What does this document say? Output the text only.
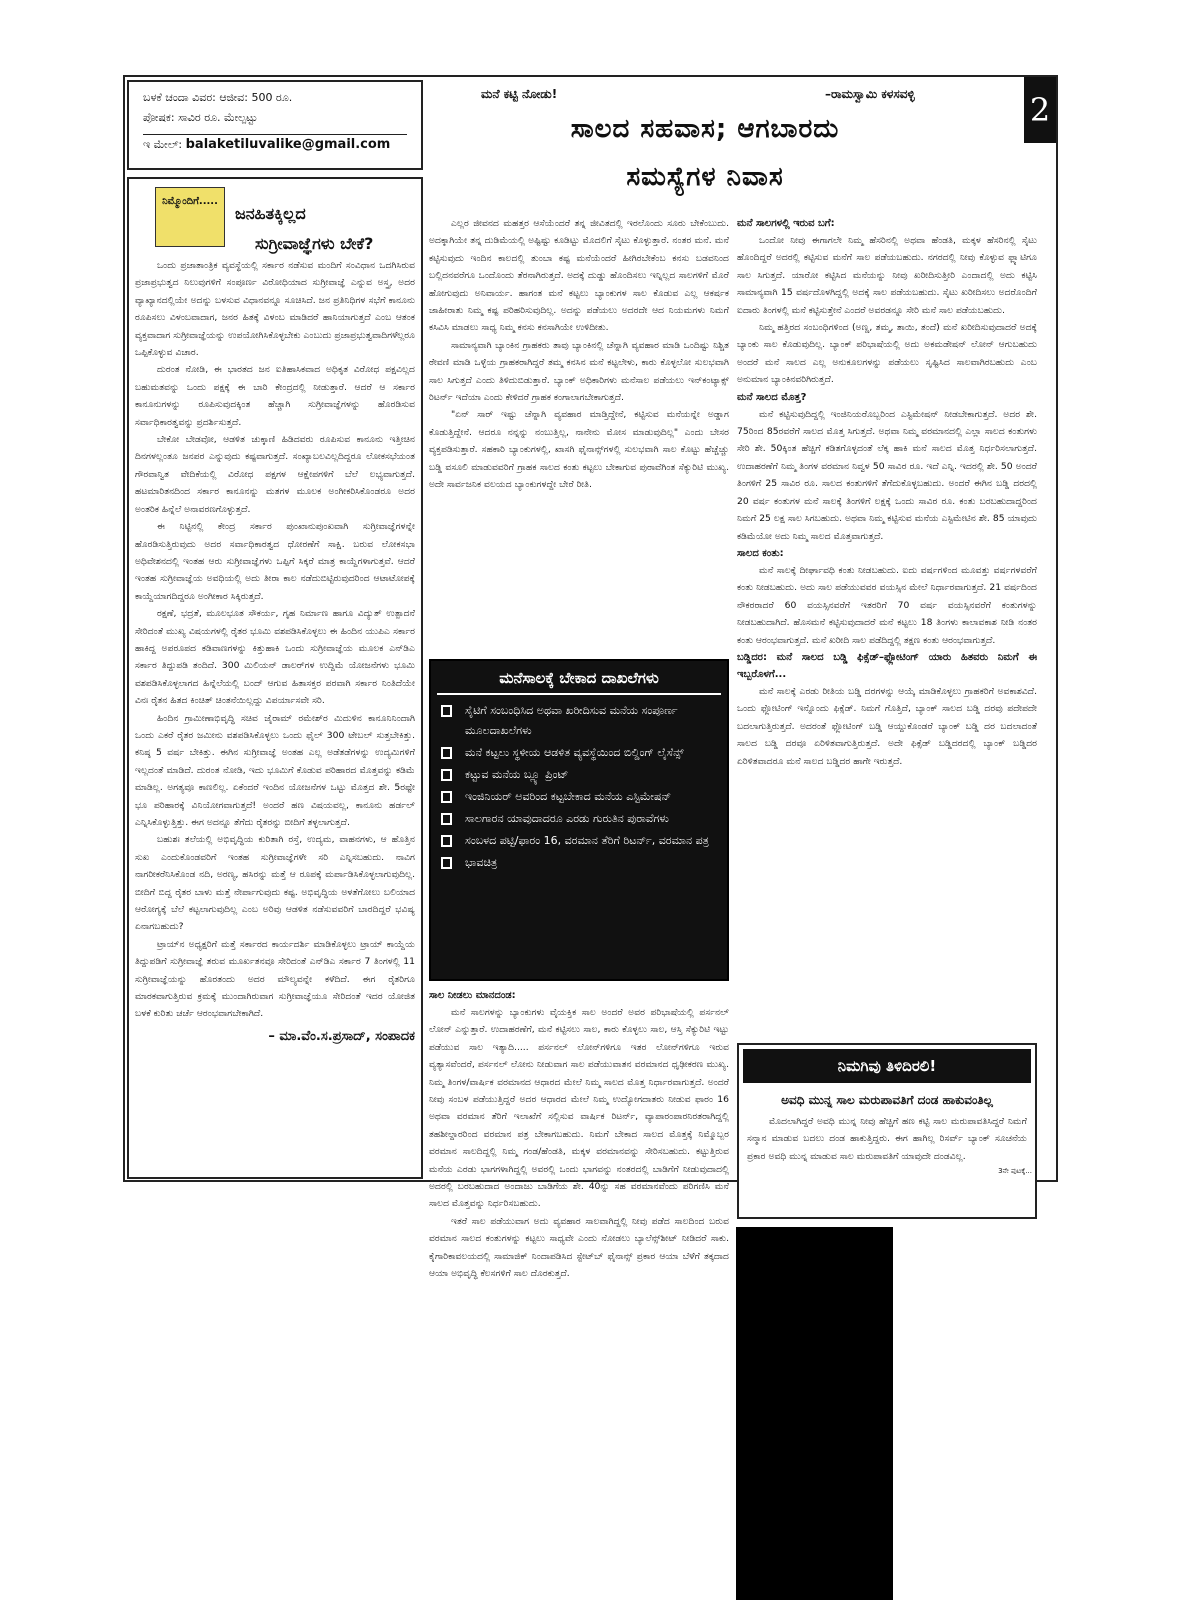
ಬಳಕೆ ಚಂದಾ ವಿವರ: ಆಜೀವ: 500 ರೂ.
ಪೋಷಕ: ಸಾವಿರ ರೂ. ಮೇಲ್ಪಟ್ಟು
ಇ ಮೇಲ್: balaketiluvalike@gmail.com
ನಿಮ್ಮೊಂದಿಗೆ.....
ಜನಹಿತಕ್ಕಿಲ್ಲದ
ಸುಗ್ರೀವಾಜ್ಞೆಗಳು ಬೇಕೆ?

ಒಂದು ಪ್ರಜಾತಾಂತ್ರಿಕ ವ್ಯವಸ್ಥೆಯಲ್ಲಿ ಸರ್ಕಾರ ನಡೆಸುವ ಮಂದಿಗೆ ಸಂವಿಧಾನ ಒದಗಿಸಿರುವ ಪ್ರಜಾಪ್ರಭುತ್ವದ ನಿಲುವುಗಳಿಗೆ ಸಂಪೂರ್ಣ ವಿರೋಧಿಯಾದ ಸುಗ್ರೀವಾಜ್ಞೆ ಎನ್ನುವ ಅಸ್ತ್ರ, ಅದರ ವ್ಯಾಖ್ಯಾನದಲ್ಲಿಯೇ ಅದನ್ನು ಬಳಸುವ ವಿಧಾನವನ್ನೂ ಸೂಚಿಸಿದೆ. ಜನ ಪ್ರತಿನಿಧಿಗಳ ಸಭೆಗೆ ಕಾನೂನು ರೂಪಿಸಲು ವಿಳಂಬವಾದಾಗ, ಜನರ ಹಿತಕ್ಕೆ ವಿಳಂಬ ಮಾಡಿದರೆ ಹಾನಿಯಾಗುತ್ತದೆ ಎಂಬ ಆತಂಕ ವ್ಯಕ್ತವಾದಾಗ ಸುಗ್ರೀವಾಜ್ಞೆಯನ್ನು ಉಪಯೋಗಿಸಿಕೊಳ್ಳಬೇಕು ಎಂಬುದು ಪ್ರಜಾಪ್ರಭುತ್ವವಾದಿಗಳೆಲ್ಲರೂ ಒಪ್ಪಿಕೊಳ್ಳುವ ವಿಚಾರ.

ದುರಂತ ನೋಡಿ, ಈ ಭಾರತದ ಜನ ಐತಿಹಾಸಿಕವಾದ ಅಧಿಕೃತ ವಿರೋಧ ಪಕ್ಷವಿಲ್ಲದ ಬಹುಮತವನ್ನು ಒಂದು ಪಕ್ಷಕ್ಕೆ ಈ ಬಾರಿ ಕೇಂದ್ರದಲ್ಲಿ ನೀಡುತ್ತಾರೆ. ಆದರೆ ಆ ಸರ್ಕಾರ ಕಾನೂನುಗಳನ್ನು ರೂಪಿಸುವುದಕ್ಕಿಂತ ಹೆಚ್ಚಾಗಿ ಸುಗ್ರೀವಾಜ್ಞೆಗಳನ್ನು ಹೊರಡಿಸುವ ಸರ್ವಾಧಿಕಾರತ್ವವನ್ನು ಪ್ರದರ್ಶಿಸುತ್ತದೆ.

ಬೇಕೋ ಬೇಡವೋ, ಆಡಳಿತ ಚುಕ್ಕಾಣಿ ಹಿಡಿದವರು ರೂಪಿಸುವ ಕಾನೂನು ಇತ್ತೀಚಿನ ದಿನಗಳಲ್ಲಂತೂ ಜನಪರ ಎನ್ನುವುದು ಕಷ್ಟವಾಗುತ್ತದೆ. ಸಂಖ್ಯಾಬಲವಿಲ್ಲದಿದ್ದರೂ ಲೋಕಸಭೆಯಂತ ಗೌರವಾನ್ವಿತ ವೇದಿಕೆಯಲ್ಲಿ ವಿರೋಧ ಪಕ್ಷಗಳ ಆಕ್ಷೇಪಗಳಿಗೆ ಬೆಲೆ ಲಭ್ಯವಾಗುತ್ತದೆ. ಹಟಮಾರಿತನದಿಂದ ಸರ್ಕಾರ ಕಾನೂನನ್ನು ಮತಗಳ ಮೂಲಕ ಅಂಗೀಕರಿಸಿಕೊಂಡರೂ ಅದರ ಅಂತರಿಕ ಹಿನ್ನೆಲೆ ಅನಾವರಣಗೊಳ್ಳುತ್ತದೆ.

ಈ ನಿಟ್ಟಿನಲ್ಲಿ ಕೇಂದ್ರ ಸರ್ಕಾರ ಪುಂಖಾನುಪುಂಖವಾಗಿ ಸುಗ್ರೀವಾಜ್ಞೆಗಳನ್ನೇ ಹೊರಡಿಸುತ್ತಿರುವುದು ಅದರ ಸರ್ವಾಧಿಕಾರತ್ವದ ಧೋರಣೆಗೆ ಸಾಕ್ಷಿ. ಬರುವ ಲೋಕಸಭಾ ಅಧಿವೇಶನದಲ್ಲಿ ಇಂತಹ ಆರು ಸುಗ್ರೀವಾಜ್ಞೆಗಳು ಒಪ್ಪಿಗೆ ಸಿಕ್ಕರೆ ಮಾತ್ರ ಕಾಯ್ದೆಗಳಾಗುತ್ತವೆ. ಆದರೆ ಇಂತಹ ಸುಗ್ರೀವಾಜ್ಞೆಯ ಅವಧಿಯಲ್ಲಿ ಅದು ತೀರಾ ಕಾಲ ನಡೆದುಬಿಟ್ಟಿರುವುದರಿಂದ ಆಟಾಟೋಪಕ್ಕೆ ಕಾಯ್ದೆಯಾಗದಿದ್ದರೂ ಅಂಗೀಕಾರ ಸಿಕ್ಕಿರುತ್ತದೆ.

ರಕ್ಷಣೆ, ಭದ್ರತೆ, ಮೂಲಭೂತ ಸೌಕರ್ಯ, ಗೃಹ ನಿರ್ಮಾಣ ಹಾಗೂ ವಿದ್ಯುತ್ ಉತ್ಪಾದನೆ ಸೇರಿದಂತೆ ಮುಖ್ಯ ವಿಷಯಗಳಲ್ಲಿ ರೈತರ ಭೂಮಿ ವಶಪಡಿಸಿಕೊಳ್ಳಲು ಈ ಹಿಂದಿನ ಯುಪಿಎ ಸರ್ಕಾರ ಹಾಕಿದ್ದ ಅಪರೂಪದ ಕಡಿವಾಣಗಳನ್ನು ಕಿತ್ತುಹಾಕಿ ಒಂದು ಸುಗ್ರೀವಾಜ್ಞೆಯ ಮೂಲಕ ಎನ್‌ಡಿಎ ಸರ್ಕಾರ ತಿದ್ದುಪಡಿ ತಂದಿದೆ. 300 ಮಿಲಿಯನ್ ಡಾಲರ್‌ಗಳ ಉದ್ದಿಮೆ ಯೋಜನೆಗಳು ಭೂಮಿ ವಶಪಡಿಸಿಕೊಳ್ಳಲಾಗದ ಹಿನ್ನೆಲೆಯಲ್ಲಿ ಬಂದ್ ಆಗುವ ಹಿತಾಸಕ್ತರ ಪರವಾಗಿ ಸರ್ಕಾರ ನಿಂತಿದೆಯೇ ವಿನಃ ರೈತನ ಹಿತದ ಕಿಂಚಿತ್ ಚಿಂತನೆಯಿಲ್ಲದ್ದು ವಿಪರ್ಯಾಸವೇ ಸರಿ.

ಹಿಂದಿನ ಗ್ರಾಮೀಣಾಭಿವೃದ್ಧಿ ಸಚಿವ ಜೈರಾಮ್ ರಮೇಶ್‌ರ ಮಿದುಳಿನ ಕಾನೂನಿನಿಂದಾಗಿ ಒಂದು ಎಕರೆ ರೈತರ ಜಮೀನು ವಶಪಡಿಸಿಕೊಳ್ಳಲು ಒಂದು ಫೈಲ್ 300 ಟೇಬಲ್ ಸುತ್ತಬೇಕಿತ್ತು. ಕನಿಷ್ಠ 5 ವರ್ಷ ಬೇಕಿತ್ತು. ಈಗಿನ ಸುಗ್ರೀವಾಜ್ಞೆ ಅಂತಹ ಎಲ್ಲ ಅಡೆತಡೆಗಳನ್ನು ಉದ್ಯಮಿಗಳಿಗೆ ಇಲ್ಲದಂತೆ ಮಾಡಿದೆ. ದುರಂತ ನೋಡಿ, ಇದು ಭೂಮಿಗೆ ಕೊಡುವ ಪರಿಹಾರದ ಮೊತ್ತವನ್ನು ಕಡಿಮೆ ಮಾಡಿಲ್ಲ. ಅಗತ್ಯವೂ ಕಾಣಲಿಲ್ಲ. ಏಕೆಂದರೆ ಇಂದಿನ ಯೋಜನೆಗಳ ಒಟ್ಟು ಮೊತ್ತದ ಶೇ. 5ರಷ್ಟೇ ಭೂ ಪರಿಹಾರಕ್ಕೆ ವಿನಿಯೋಗವಾಗುತ್ತದೆ! ಅಂದರೆ ಹಣ ವಿಷಯವಲ್ಲ, ಕಾನೂನು ಹರ್ಡಲ್ ಎನ್ನಿಸಿಕೊಳ್ಳುತ್ತಿತ್ತು. ಈಗ ಅದನ್ನೂ ತೆಗೆದು ರೈತರನ್ನು ಬೀದಿಗೆ ತಳ್ಳಲಾಗುತ್ತದೆ.

ಬಹುಶಃ ತಲೆಯಲ್ಲಿ ಅಭಿವೃದ್ಧಿಯ ಕುರಿತಾಗಿ ರಸ್ತೆ, ಉದ್ಯಮ, ವಾಹನಗಳು, ಆ ಹೊತ್ತಿನ ಸುಖ ಎಂದುಕೊಂಡವರಿಗೆ ಇಂತಹ ಸುಗ್ರೀವಾಜ್ಞೆಗಳೇ ಸರಿ ಎನ್ನಿಸಬಹುದು. ನಾವಿಗ ನಾಗರೀಕರೆನಿಸಿಕೊಂಡ ನದಿ, ಅರಣ್ಯ, ಹಸಿರನ್ನು ಮತ್ತೆ ಆ ರೂಪಕ್ಕೆ ಮರ್ಪಾಡಿಸಿಕೊಳ್ಳಲಾಗುವುದಿಲ್ಲ. ಬೀದಿಗೆ ಬಿದ್ದ ರೈತರ ಬಾಳು ಮತ್ತೆ ನೇರ್ಪಾಗುವುದು ಕಷ್ಟ. ಅಭಿವೃದ್ಧಿಯ ಅಳತೆಗೋಲು ಬಲಿಯಾದ ಆರೋಗ್ಯಕ್ಕೆ ಬೆಲೆ ಕಟ್ಟಲಾಗುವುದಿಲ್ಲ ಎಂಬ ಅರಿವು ಆಡಳಿತ ನಡೆಸುವವರಿಗೆ ಬಾರದಿದ್ದರೆ ಭವಿಷ್ಯ ಏನಾಗಬಹುದು?

ಟ್ರಾಯ್‌ನ ಅಧ್ಯಕ್ಷರಿಗೆ ಮತ್ತೆ ಸರ್ಕಾರದ ಕಾರ್ಯದರ್ಶಿ ಮಾಡಿಕೊಳ್ಳಲು ಟ್ರಾಯ್ ಕಾಯ್ದೆಯ ತಿದ್ದುಪಡಿಗೆ ಸುಗ್ರೀವಾಜ್ಞೆ ತರುವ ಮೂರ್ಖತನವೂ ಸೇರಿದಂತೆ ಎನ್‌ಡಿಎ ಸರ್ಕಾರ 7 ತಿಂಗಳಲ್ಲಿ 11 ಸುಗ್ರೀವಾಜ್ಞೆಯನ್ನು ಹೊರತಂದು ಅದರ ಮೌಲ್ಯವನ್ನೇ ಕಳೆದಿದೆ. ಈಗ ರೈತರಿಗೂ ಮಾರಕವಾಗುತ್ತಿರುವ ಕ್ರಮಕ್ಕೆ ಮುಂದಾಗಿರುವಾಗ ಸುಗ್ರೀವಾಜ್ಞೆಯೂ ಸೇರಿದಂತೆ ಇದರ ಯೋಜಿತ ಬಳಕೆ ಕುರಿತು ಚರ್ಚೆ ಆರಂಭವಾಗಬೇಕಾಗಿದೆ.

– ಮಾ.ವೆಂ.ಸ.ಪ್ರಸಾದ್, ಸಂಪಾದಕ
2
ಮನೆ ಕಟ್ಟಿ ನೋಡು!	–ರಾಮಸ್ವಾಮಿ ಕಳಸವಳ್ಳಿ
ಸಾಲದ ಸಹವಾಸ; ಆಗಬಾರದು
ಸಮಸ್ಯೆಗಳ ನಿವಾಸ

ಎಲ್ಲರ ಜೀವನದ ಮಹತ್ತರ ಆಸೆಯೆಂದರೆ ತನ್ನ ಜೀವಿತದಲ್ಲಿ ಇರಲೊಂದು ಸೂರು ಬೇಕೆಂಬುದು. ಅದಕ್ಕಾಗಿಯೇ ತನ್ನ ದುಡಿಮೆಯಲ್ಲಿ ಅಷ್ಟಿಷ್ಟು ಕೂಡಿಟ್ಟು ಮೊದಲಿಗೆ ಸೈಟು ಕೊಳ್ಳುತ್ತಾರೆ. ನಂತರ ಮನೆ. ಮನೆ ಕಟ್ಟಿಸುವುದು ಇಂದಿನ ಕಾಲದಲ್ಲಿ ತುಂಬಾ ಕಷ್ಟ ಮನೆಯೆಂದರೆ ಹೀಗಿರಬೇಕೆಂಬ ಕನಸು ಬಡವನಿಂದ ಬಲ್ಲಿದನವರೆಗೂ ಒಂದೊಂದು ತೆರನಾಗಿರುತ್ತದೆ. ಅದಕ್ಕೆ ದುಡ್ಡು ಹೊಂದಿಸಲು ಇನ್ನಿಲ್ಲದ ಸಾಲಗಳಿಗೆ ಮೊರೆ ಹೋಗುವುದು ಅನಿವಾರ್ಯ. ಹಾಗಂತ ಮನೆ ಕಟ್ಟಲು ಬ್ಯಾಂಕುಗಳ ಸಾಲ ಕೊಡುವ ಎಲ್ಲ ಆಕರ್ಷಕ ಜಾಹೀರಾತು ನಿಮ್ಮ ಕಷ್ಟ ಪರಿಹರಿಸುವುದಿಲ್ಲ. ಅದನ್ನು ಪಡೆಯಲು ಅದರದೇ ಆದ ನಿಯಮಗಳು ನಿಮಗೆ ಕಸಿವಿಸಿ ಮಾಡಲು ಸಾಧ್ಯ ನಿಮ್ಮ ಕನಸು ಕನಸಾಗಿಯೇ ಉಳಿದೀತು.

ಸಾಮಾನ್ಯವಾಗಿ ಬ್ಯಾಂಕಿನ ಗ್ರಾಹಕರು ತಾವು ಬ್ಯಾಂಕಿನಲ್ಲಿ ಚೆನ್ನಾಗಿ ವ್ಯವಹಾರ ಮಾಡಿ ಒಂದಿಷ್ಟು ನಿಶ್ಚಿತ ಠೇವಣಿ ಮಾಡಿ ಒಳ್ಳೆಯ ಗ್ರಾಹಕರಾಗಿದ್ದರೆ ತಮ್ಮ ಕನಸಿನ ಮನೆ ಕಟ್ಟಲೇಳು, ಕಾರು ಕೊಳ್ಳಲೋ ಸುಲಭವಾಗಿ ಸಾಲ ಸಿಗುತ್ತದೆ ಎಂದು ತಿಳಿದುಬಿಡುತ್ತಾರೆ. ಬ್ಯಾಂಕ್ ಅಧಿಕಾರಿಗಳು ಮನೆಸಾಲ ಪಡೆಯಲು ಇನ್‌ಕಂಟ್ಯಾಕ್ಸ್ ರಿಟರ್ನ್ ಇದೆಯಾ ಎಂದು ಕೇಳಿದರೆ ಗ್ರಾಹಕ ಕಂಗಾಲಾಗಬೇಕಾಗುತ್ತದೆ.

"ಏನ್ ಸಾರ್ ಇಷ್ಟು ಚೆನ್ನಾಗಿ ವ್ಯವಹಾರ ಮಾಡ್ತಿದ್ದೇನೆ, ಕಟ್ಟಿಸುವ ಮನೆಯನ್ನೇ ಅಡ್ಡಾಗ ಕೊಡುತ್ತಿದ್ದೇನೆ. ಆದರೂ ನನ್ನನ್ನು ನಂಬುತ್ತಿಲ್ಲ, ನಾನೇನು ಮೋಸ ಮಾಡುವುದಿಲ್ಲ" ಎಂದು ಬೇಸರ ವ್ಯಕ್ತಪಡಿಸುತ್ತಾರೆ. ಸಹಕಾರಿ ಬ್ಯಾಂಕುಗಳಲ್ಲಿ, ಖಾಸಗಿ ಫೈನಾನ್ಸ್‌ಗಳಲ್ಲಿ ಸುಲಭವಾಗಿ ಸಾಲ ಕೊಟ್ಟು ಹೆಚ್ಚೆಚ್ಚು ಬಡ್ಡಿ ವಸೂಲಿ ಮಾಡುವವರಿಗೆ ಗ್ರಾಹಕ ಸಾಲದ ಕಂತು ಕಟ್ಟಲು ಬೇಕಾಗುವ ಪುರಾವೆಗಿಂತ ಸೆಕ್ಯುರಿಟಿ ಮುಖ್ಯ. ಅದೇ ಸಾರ್ವಜನಿಕ ವಲಯದ ಬ್ಯಾಂಕುಗಳದ್ದೇ ಬೇರೆ ರೀತಿ.

ಮನೆಸಾಲಕ್ಕೆ ಬೇಕಾದ ದಾಖಲೆಗಳು
ಸೈಟಿಗೆ ಸಂಬಂಧಿಸಿದ ಅಥವಾ ಖರೀದಿಸುವ ಮನೆಯ ಸಂಪೂರ್ಣ ಮೂಲದಾಖಲೆಗಳು
ಮನೆ ಕಟ್ಟಲು ಸ್ಥಳೀಯ ಆಡಳಿತ ವ್ಯವಸ್ಥೆಯಿಂದ ಬಿಲ್ಡಿಂಗ್ ಲೈಸೆನ್ಸ್
ಕಟ್ಟುವ ಮನೆಯ ಬ್ಲ್ಯೂ ಪ್ರಿಂಟ್
ಇಂಜಿನಿಯರ್ ಅವರಿಂದ ಕಟ್ಟಬೇಕಾದ ಮನೆಯ ಎಸ್ಟಿಮೇಷನ್
ಸಾಲಗಾರನ ಯಾವುದಾದರೂ ಎರಡು ಗುರುತಿನ ಪುರಾವೆಗಳು
ಸಂಬಳದ ಪಟ್ಟಿ/ಫಾರಂ 16, ವರಮಾನ ತೆರಿಗೆ ರಿಟರ್ನ್, ವರಮಾನ ಪತ್ರ
ಭಾವಚಿತ್ರ
ಸಾಲ ನೀಡಲು ಮಾನದಂಡ:

ಮನೆ ಸಾಲಗಳನ್ನು ಬ್ಯಾಂಕುಗಳು ವೈಯಕ್ತಿಕ ಸಾಲ ಅಂದರೆ ಅವರ ಪರಿಭಾಷೆಯಲ್ಲಿ ಪರ್ಸನಲ್ ಲೋನ್ ಎನ್ನುತ್ತಾರೆ. ಉದಾಹರಣೆಗೆ, ಮನೆ ಕಟ್ಟಿಸಲು ಸಾಲ, ಕಾರು ಕೊಳ್ಳಲು ಸಾಲ, ಆಸ್ತಿ ಸೆಕ್ಯುರಿಟಿ ಇಟ್ಟು ಪಡೆಯುವ ಸಾಲ ಇತ್ಯಾದಿ..... ಪರ್ಸನಲ್ ಲೋನ್‌ಗಳಿಗೂ ಇತರ ಲೋನ್‌ಗಳಿಗೂ ಇರುವ ವ್ಯತ್ಯಾಸವೆಂದರೆ, ಪರ್ಸನಲ್ ಲೋನು ನೀಡುವಾಗ ಸಾಲ ಪಡೆಯುವಾತನ ವರಮಾನದ ಧೃಢೀಕರಣ ಮುಖ್ಯ. ನಿಮ್ಮ ತಿಂಗಳ/ವಾರ್ಷಿಕ ವರಮಾನದ ಆಧಾರದ ಮೇಲೆ ನಿಮ್ಮ ಸಾಲದ ಮೊತ್ತ ನಿರ್ಧಾರವಾಗುತ್ತದೆ. ಅಂದರೆ ನೀವು ಸಂಬಳ ಪಡೆಯುತ್ತಿದ್ದರೆ ಅದರ ಆಧಾರದ ಮೇಲೆ ನಿಮ್ಮ ಉದ್ಯೋಗದಾತರು ನೀಡುವ ಫಾರಂ 16 ಅಥವಾ ವರಮಾನ ತೆರಿಗೆ ಇಲಾಖೆಗೆ ಸಲ್ಲಿಸುವ ವಾರ್ಷಿಕ ರಿಟರ್ನ್, ವ್ಯಾಪಾರಂಪಾರನಿರತರಾಗಿದ್ದಲ್ಲಿ ತಹಶೀಲ್ದಾರರಿಂದ ವರಮಾನ ಪತ್ರ ಬೇಕಾಗಬಹುದು. ನಿಮಗೆ ಬೇಕಾದ ಸಾಲದ ಮೊತ್ತಕ್ಕೆ ನಿಮ್ಮೊಬ್ಬರ ವರಮಾನ ಸಾಲದಿದ್ದಲ್ಲಿ ನಿಮ್ಮ ಗಂಡ/ಹೆಂಡತಿ, ಮಕ್ಕಳ ವರಮಾನವನ್ನು ಸೇರಿಸಬಹುದು. ಕಟ್ಟುತ್ತಿರುವ ಮನೆಯ ಎರಡು ಭಾಗಗಳಾಗಿದ್ದಲ್ಲಿ ಅವರಲ್ಲಿ ಒಂದು ಭಾಗವನ್ನು ನಂತರದಲ್ಲಿ ಬಾಡಿಗೆಗೆ ನೀಡುವುದಾದಲ್ಲಿ ಅದರಲ್ಲಿ ಬರಬಹುದಾದ ಅಂದಾಜು ಬಾಡಿಗೆಯ ಶೇ. 40ನ್ನು ಸಹ ವರಮಾನವೆಂದು ಪರಿಗಣಿಸಿ ಮನೆ ಸಾಲದ ಮೊತ್ತವನ್ನು ನಿರ್ಧರಿಸಬಹುದು.

ಇತರೆ ಸಾಲ ಪಡೆಯುವಾಗ ಅದು ವ್ಯವಹಾರ ಸಾಲವಾಗಿದ್ದಲ್ಲಿ ನೀವು ಪಡೆದ ಸಾಲದಿಂದ ಬರುವ ವರಮಾನ ಸಾಲದ ಕಂತುಗಳನ್ನು ಕಟ್ಟಲು ಸಾಧ್ಯವೇ ಎಂದು ನೋಡಲು ಬ್ಯಾಲೆನ್ಸ್‌ಶೀಟ್ ನೀಡಿದರೆ ಸಾಕು. ಕೈಗಾರಿಕಾವಲಯದಲ್ಲಿ ಸಾಮಾಜಿಕ್ ನಿಂದಾಪಡಿಸಿದ ಸ್ಟೇಟ್‌ಬ್ ಫೈನಾನ್ಸ್ ಪ್ರಕಾರ ಆಯಾ ಬೆಳೆಗೆ ತಕ್ಕದಾದ ಆಯಾ ಅಭಿವೃದ್ಧಿ ಕೆಲಸಗಳಿಗೆ ಸಾಲ ದೊರಕುತ್ತದೆ.

ಮನೆ ಸಾಲಗಳಲ್ಲಿ ಇರುವ ಬಗೆ:

ಒಂದೋ ನೀವು ಈಗಾಗಲೇ ನಿಮ್ಮ ಹೆಸರಿನಲ್ಲಿ ಅಥವಾ ಹೆಂಡತಿ, ಮಕ್ಕಳ ಹೆಸರಿನಲ್ಲಿ ಸೈಟು ಹೊಂದಿದ್ದರೆ ಅದರಲ್ಲಿ ಕಟ್ಟಿಸುವ ಮನೆಗೆ ಸಾಲ ಪಡೆಯಬಹುದು. ನಗರದಲ್ಲಿ ನೀವು ಕೊಳ್ಳುವ ಫ್ಲ್ಯಾಟಿಗೂ ಸಾಲ ಸಿಗುತ್ತದೆ. ಯಾರೋ ಕಟ್ಟಿಸಿದ ಮನೆಯನ್ನು ನೀವು ಖರೀದಿಸುತ್ತೀರಿ ಎಂದಾದಲ್ಲಿ ಅದು ಕಟ್ಟಿಸಿ ಸಾಮಾನ್ಯವಾಗಿ 15 ವರ್ಷದೊಳಗಿದ್ದಲ್ಲಿ ಅದಕ್ಕೆ ಸಾಲ ಪಡೆಯಬಹುದು. ಸೈಟು ಖರೀದಿಸಲು ಅದರೊಂದಿಗೆ ಐದಾರು ತಿಂಗಳಲ್ಲಿ ಮನೆ ಕಟ್ಟಿಸುತ್ತೇನೆ ಎಂದರೆ ಅವರಡನ್ನೂ ಸೇರಿ ಮನೆ ಸಾಲ ಪಡೆಯಬಹುದು.

ನಿಮ್ಮ ಹತ್ತಿರದ ಸಂಬಂಧಿಗಳಿಂದ (ಅಣ್ಣ, ತಮ್ಮ, ತಾಯಿ, ತಂದೆ) ಮನೆ ಖರೀದಿಸುವುದಾದರೆ ಅದಕ್ಕೆ ಬ್ಯಾಂಕು ಸಾಲ ಕೊಡುವುದಿಲ್ಲ. ಬ್ಯಾಂಕ್ ಪರಿಭಾಷೆಯಲ್ಲಿ ಅದು ಅಕಮಡೇಷನ್ ಲೋನ್ ಆಗುಬಹುದು ಅಂದರೆ ಮನೆ ಸಾಲದ ಎಲ್ಲ ಅನುಕೂಲಗಳನ್ನು ಪಡೆಯಲು ಸೃಷ್ಟಿಸಿದ ಸಾಲವಾಗಿರಬಹುದು ಎಂಬ ಅನುಮಾನ ಬ್ಯಾಂಕಿನವರಿಗಿರುತ್ತದೆ.

ಮನೆ ಸಾಲದ ಮೊತ್ತ?

ಮನೆ ಕಟ್ಟಿಸುವುದಿದ್ದಲ್ಲಿ ಇಂಜಿನಿಯರೊಬ್ಬರಿಂದ ಎಸ್ಟಿಮೇಷನ್ ನೀಡಬೇಕಾಗುತ್ತದೆ. ಅದರ ಶೇ. 75ರಿಂದ 85ರವರೆಗೆ ಸಾಲದ ಮೊತ್ತ ಸಿಗುತ್ತದೆ. ಅಥವಾ ನಿಮ್ಮ ವರಮಾನದಲ್ಲಿ ಎಲ್ಲಾ ಸಾಲದ ಕಂತುಗಳು ಸೇರಿ ಶೇ. 50ಕ್ಕಿಂತ ಹೆಚ್ಚಿಗೆ ಕಡಿತಗೊಳ್ಳದಂತೆ ಲೆಕ್ಕ ಹಾಕಿ ಮನೆ ಸಾಲದ ಮೊತ್ತ ನಿರ್ಧರಿಸಲಾಗುತ್ತದೆ. ಉದಾಹರಣೆಗೆ ನಿಮ್ಮ ತಿಂಗಳ ವರಮಾನ ನಿವ್ವಳ 50 ಸಾವಿರ ರೂ. ಇದೆ ಎನ್ನಿ. ಇದರಲ್ಲಿ ಶೇ. 50 ಅಂದರೆ ತಿಂಗಳಿಗೆ 25 ಸಾವಿರ ರೂ. ಸಾಲದ ಕಂತುಗಳಿಗೆ ತೆಗೆದುಕೊಳ್ಳಬಹುದು. ಅಂದರೆ ಈಗಿನ ಬಡ್ಡಿ ದರದಲ್ಲಿ 20 ವರ್ಷ ಕಂತುಗಳ ಮನೆ ಸಾಲಕ್ಕೆ ತಿಂಗಳಿಗೆ ಲಕ್ಷಕ್ಕೆ ಒಂದು ಸಾವಿರ ರೂ. ಕಂತು ಬರಬಹುದಾದ್ದರಿಂದ ನಿಮಗೆ 25 ಲಕ್ಷ ಸಾಲ ಸಿಗಬಹುದು. ಅಥವಾ ನಿಮ್ಮ ಕಟ್ಟಿಸುವ ಮನೆಯ ಎಸ್ಟಿಮೇಟಿನ ಶೇ. 85 ಯಾವುದು ಕಡಿಮೆಯೋ ಅದು ನಿಮ್ಮ ಸಾಲದ ಮೊತ್ತವಾಗುತ್ತದೆ.

ಸಾಲದ ಕಂತು:

ಮನೆ ಸಾಲಕ್ಕೆ ದೀರ್ಘಾವಧಿ ಕಂತು ನೀಡಬಹುದು. ಐದು ವರ್ಷಗಳಿಂದ ಮೂವತ್ತು ವರ್ಷಗಳವರೆಗೆ ಕಂತು ನೀಡಬಹುದು. ಅದು ಸಾಲ ಪಡೆಯುವವರ ವಯಸ್ಸಿನ ಮೇಲೆ ನಿರ್ಧಾರವಾಗುತ್ತದೆ. 21 ವರ್ಷದಿಂದ ನೌಕರರಾದರೆ 60 ವಯಸ್ಸಿನವರೆಗೆ ಇತರರಿಗೆ 70 ವರ್ಷ ವಯಸ್ಸಿನವರೆಗೆ ಕಂತುಗಳನ್ನು ನೀಡಬಹುದಾಗಿದೆ. ಹೊಸಮನೆ ಕಟ್ಟಿಸುವುದಾದರೆ ಮನೆ ಕಟ್ಟಲು 18 ತಿಂಗಳು ಕಾಲಾವಕಾಶ ನೀಡಿ ನಂತರ ಕಂತು ಆರಂಭವಾಗುತ್ತದೆ. ಮನೆ ಖರೀದಿ ಸಾಲ ಪಡೆದಿದ್ದಲ್ಲಿ ತಕ್ಷಣ ಕಂತು ಆರಂಭವಾಗುತ್ತದೆ.

ಬಡ್ಡಿದರ: ಮನೆ ಸಾಲದ ಬಡ್ಡಿ ಫಿಕ್ಸೆಡ್–ಫ್ಲೋಟಿಂಗ್ ಯಾರು ಹಿತವರು ನಿಮಗೆ ಈ ಇಬ್ಬರೊಳಗೆ...

ಮನೆ ಸಾಲಕ್ಕೆ ಎರಡು ರೀತಿಯ ಬಡ್ಡಿ ದರಗಳನ್ನು ಆಯ್ಕೆ ಮಾಡಿಕೊಳ್ಳಲು ಗ್ರಾಹಕರಿಗೆ ಅವಕಾಶವಿದೆ. ಒಂದು ಫ್ಲೋಟಿಂಗ್ ಇನ್ನೊಂದು ಫಿಕ್ಸೆಡ್. ನಿಮಗೆ ಗೊತ್ತಿದೆ, ಬ್ಯಾಂಕ್ ಸಾಲದ ಬಡ್ಡಿ ದರವು ಪದೇಪದೇ ಬದಲಾಗುತ್ತಿರುತ್ತದೆ. ಅದರಂತೆ ಫ್ಲೋಟಿಂಗ್ ಬಡ್ಡಿ ಆಯ್ದುಕೊಂಡರೆ ಬ್ಯಾಂಕ್ ಬಡ್ಡಿ ದರ ಬದಲಾದಂತೆ ಸಾಲದ ಬಡ್ಡಿ ದರವೂ ಏರಿಳಿತವಾಗುತ್ತಿರುತ್ತದೆ. ಅದೇ ಫಿಕ್ಸೆಡ್ ಬಡ್ಡಿದರದಲ್ಲಿ ಬ್ಯಾಂಕ್ ಬಡ್ಡಿದರ ಏರಿಳಿತವಾದರೂ ಮನೆ ಸಾಲದ ಬಡ್ಡಿದರ ಹಾಗೇ ಇರುತ್ತದೆ.

ನಿಮಗಿವು ತಿಳಿದಿರಲಿ!
ಅವಧಿ ಮುನ್ನ ಸಾಲ ಮರುಪಾವತಿಗೆ ದಂಡ ಹಾಕುವಂತಿಲ್ಲ

ಮೊದಲಾಗಿದ್ದರೆ ಅವಧಿ ಮುನ್ನ ನೀವು ಹೆಚ್ಚಿಗೆ ಹಣ ಕಟ್ಟಿ ಸಾಲ ಮರುಪಾವತಿಸಿದ್ದರೆ ನಿಮಗೆ ಸನ್ಮಾನ ಮಾಡುವ ಬದಲು ದಂಡ ಹಾಕುತ್ತಿದ್ದರು. ಈಗ ಹಾಗಿಲ್ಲ ರಿಸರ್ವ್ ಬ್ಯಾಂಕ್ ಸೂಚನೆಯ ಪ್ರಕಾರ ಅವಧಿ ಮುನ್ನ ಮಾಡುವ ಸಾಲ ಮರುಪಾವತಿಗೆ ಯಾವುದೇ ದಂಡವಿಲ್ಲ.

3ನೇ ಪುಟಕ್ಕೆ...
